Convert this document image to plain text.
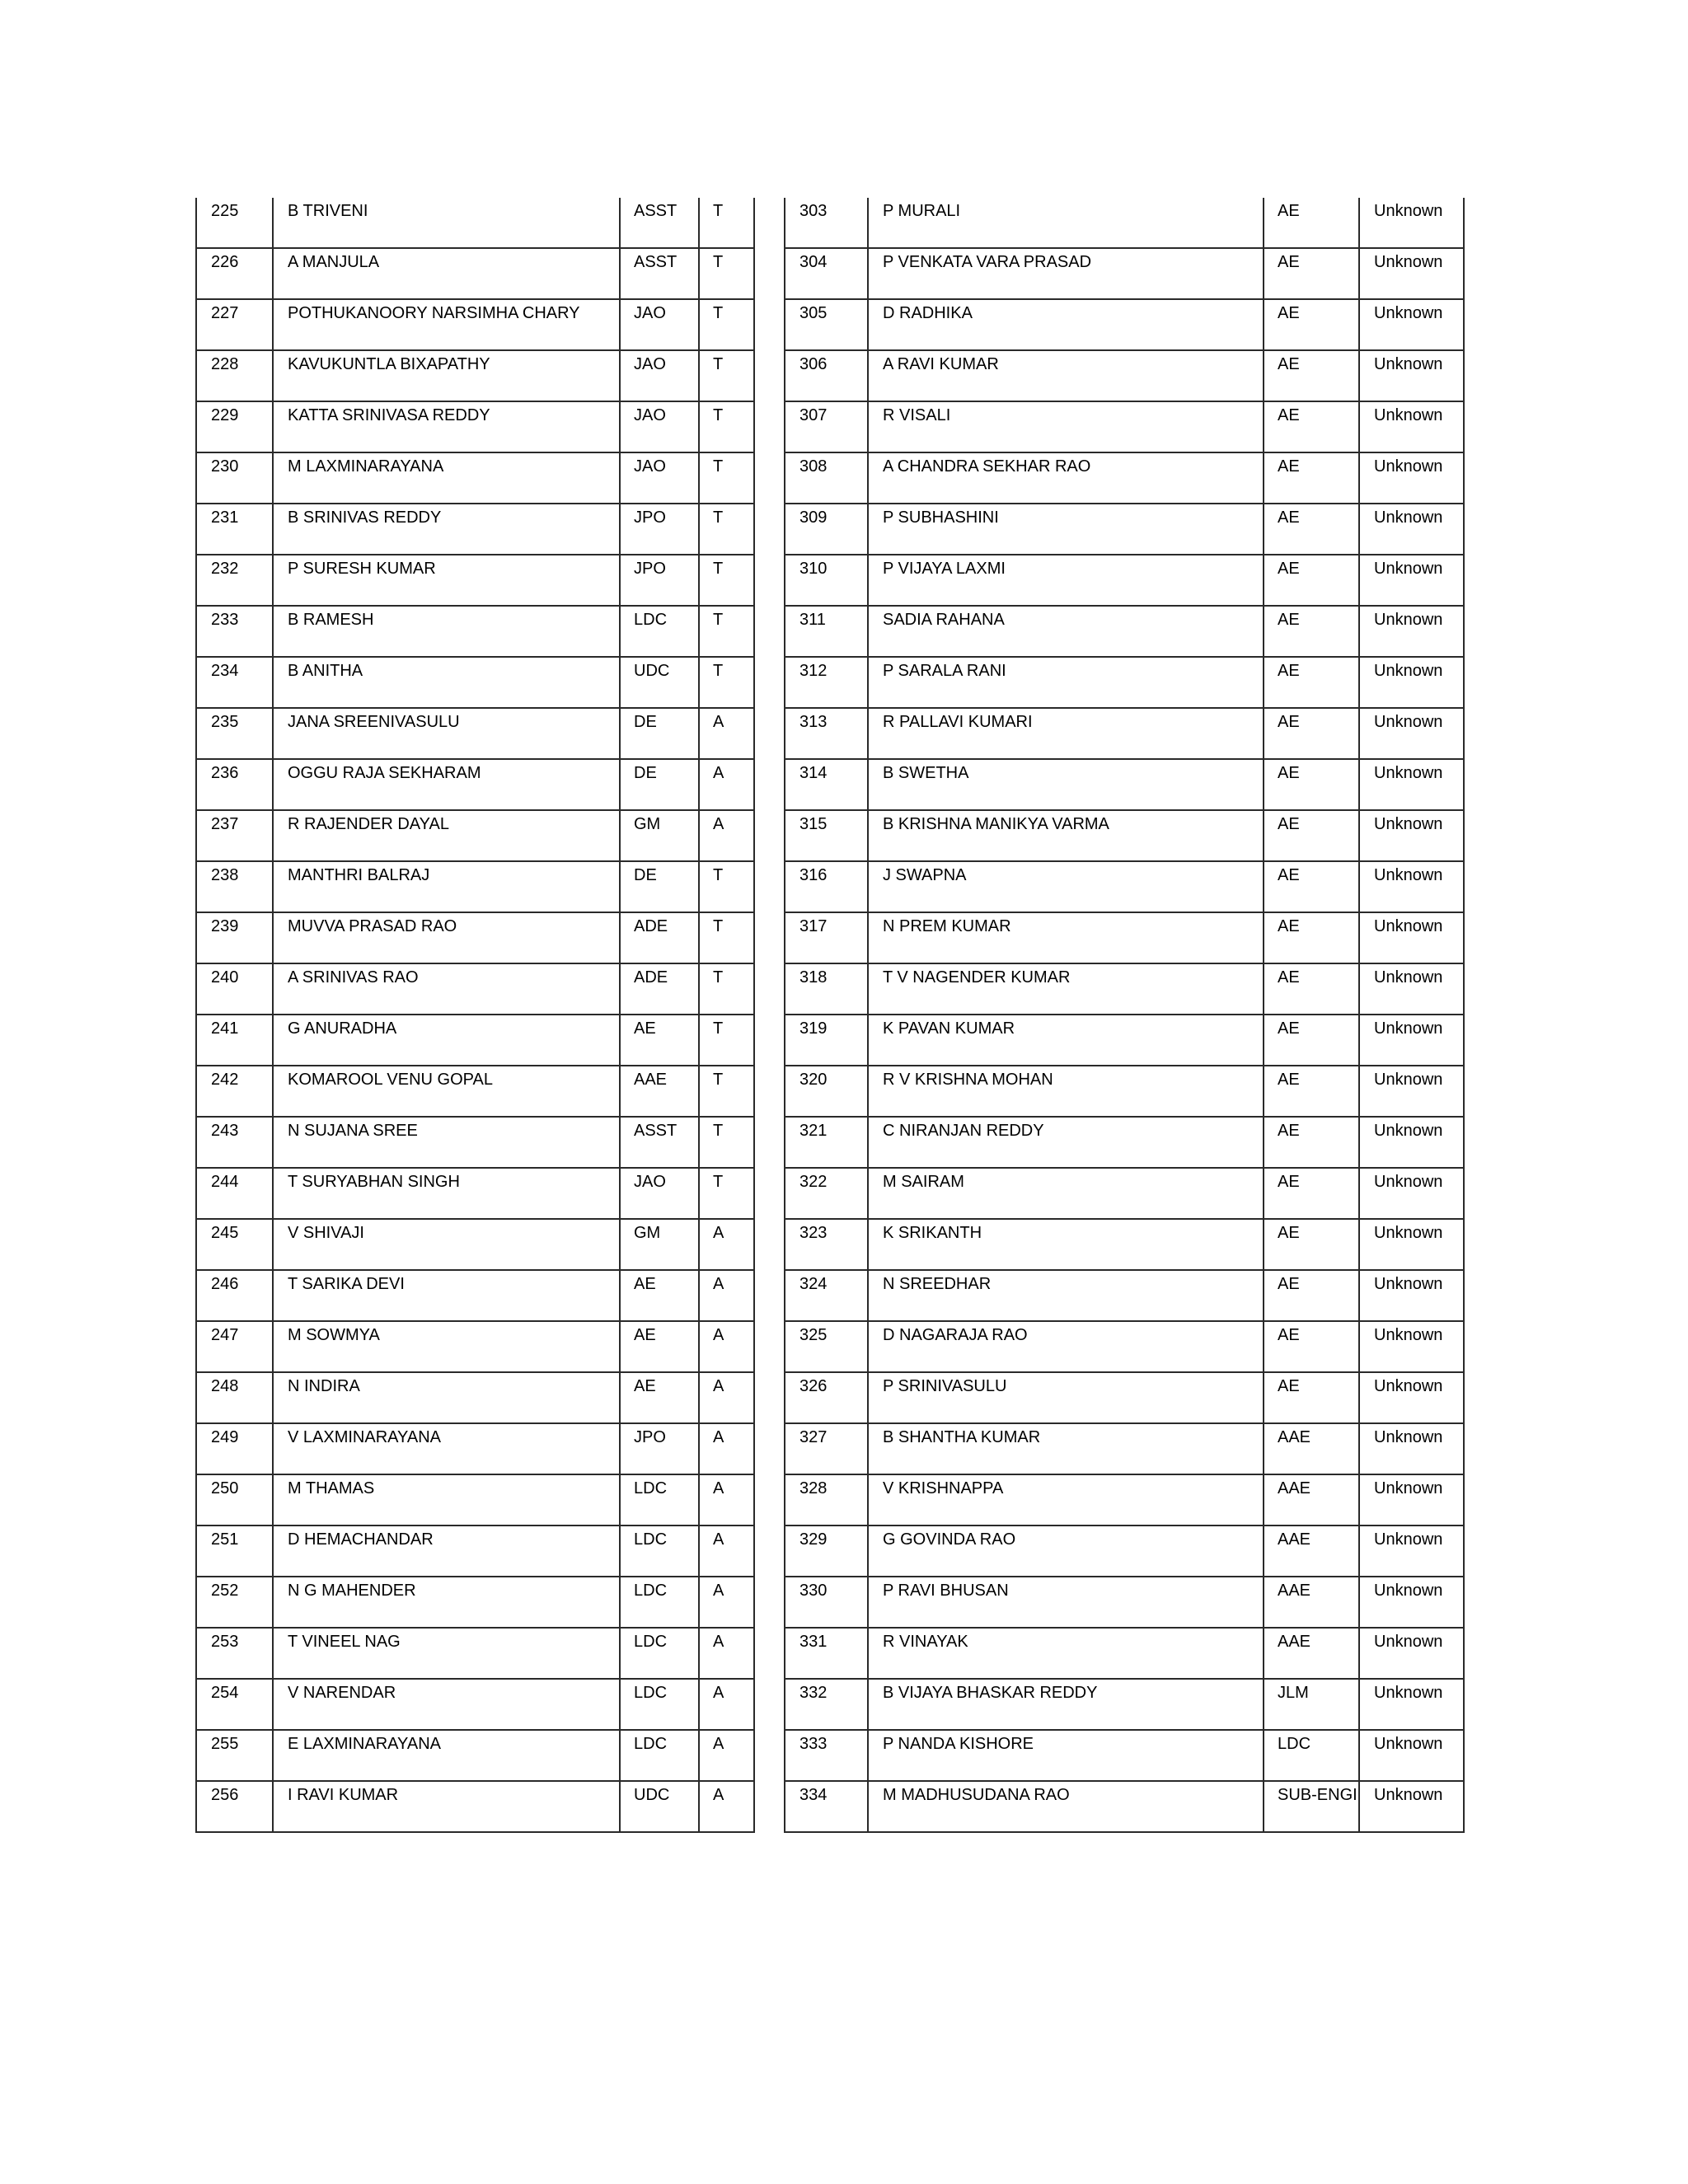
225	B TRIVENI	ASST	T

226	A MANJULA	ASST	T

227	POTHUKANOORY NARSIMHA CHARY	JAO	T

228	KAVUKUNTLA BIXAPATHY	JAO	T

229	KATTA SRINIVASA REDDY	JAO	T

230	M LAXMINARAYANA	JAO	T

231	B SRINIVAS REDDY	JPO	T

232	P SURESH KUMAR	JPO	T

233	B RAMESH	LDC	T

234	B ANITHA	UDC	T

235	JANA SREENIVASULU	DE	A

236	OGGU RAJA SEKHARAM	DE	A

237	R RAJENDER DAYAL	GM	A

238	MANTHRI BALRAJ	DE	T

239	MUVVA PRASAD RAO	ADE	T

240	A SRINIVAS RAO	ADE	T

241	G ANURADHA	AE	T

242	KOMAROOL VENU GOPAL	AAE	T

243	N SUJANA SREE	ASST	T

244	T SURYABHAN SINGH	JAO	T

245	V SHIVAJI	GM	A

246	T SARIKA DEVI	AE	A

247	M SOWMYA	AE	A

248	N INDIRA	AE	A

249	V LAXMINARAYANA	JPO	A

250	M THAMAS	LDC	A

251	D HEMACHANDAR	LDC	A

252	N G MAHENDER	LDC	A

253	T VINEEL NAG	LDC	A

254	V NARENDAR	LDC	A

255	E LAXMINARAYANA	LDC	A

256	I RAVI KUMAR	UDC	A
303	P MURALI	AE	Unknown

304	P VENKATA VARA PRASAD	AE	Unknown

305	D RADHIKA	AE	Unknown

306	A RAVI KUMAR	AE	Unknown

307	R VISALI	AE	Unknown

308	A CHANDRA SEKHAR RAO	AE	Unknown

309	P SUBHASHINI	AE	Unknown

310	P VIJAYA LAXMI	AE	Unknown

311	SADIA RAHANA	AE	Unknown

312	P SARALA RANI	AE	Unknown

313	R PALLAVI KUMARI	AE	Unknown

314	B SWETHA	AE	Unknown

315	B KRISHNA MANIKYA VARMA	AE	Unknown

316	J SWAPNA	AE	Unknown

317	N PREM KUMAR	AE	Unknown

318	T V NAGENDER KUMAR	AE	Unknown

319	K PAVAN KUMAR	AE	Unknown

320	R V KRISHNA MOHAN	AE	Unknown

321	C NIRANJAN REDDY	AE	Unknown

322	M SAIRAM	AE	Unknown

323	K SRIKANTH	AE	Unknown

324	N SREEDHAR	AE	Unknown

325	D NAGARAJA RAO	AE	Unknown

326	P SRINIVASULU	AE	Unknown

327	B SHANTHA KUMAR	AAE	Unknown

328	V KRISHNAPPA	AAE	Unknown

329	G GOVINDA RAO	AAE	Unknown

330	P RAVI BHUSAN	AAE	Unknown

331	R VINAYAK	AAE	Unknown

332	B VIJAYA BHASKAR REDDY	JLM	Unknown

333	P NANDA KISHORE	LDC	Unknown

334	M MADHUSUDANA RAO	SUB-ENGI	Unknown
